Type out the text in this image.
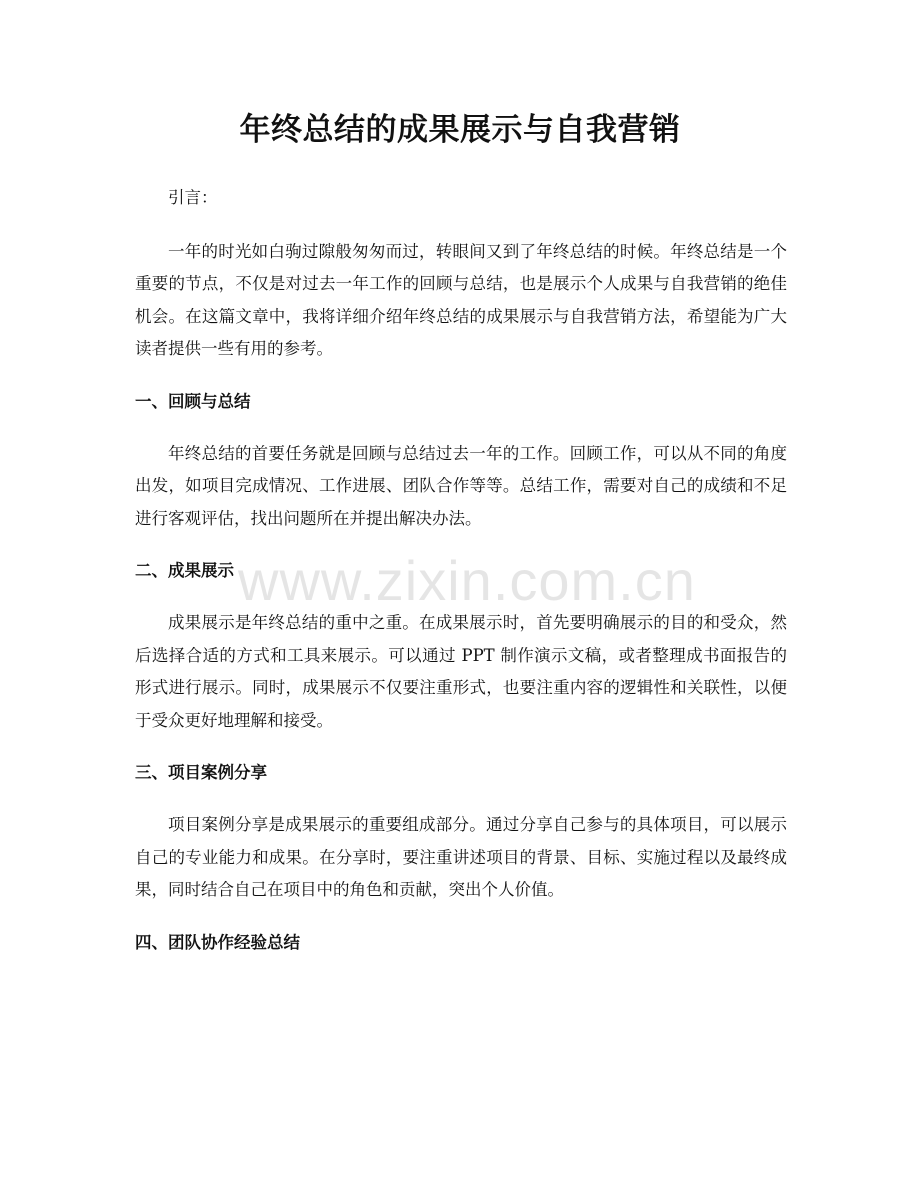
年终总结的成果展示与自我营销

引言：

一年的时光如白驹过隙般匆匆而过，转眼间又到了年终总结的时候。年终总结是一个重要的节点，不仅是对过去一年工作的回顾与总结，也是展示个人成果与自我营销的绝佳机会。在这篇文章中，我将详细介绍年终总结的成果展示与自我营销方法，希望能为广大读者提供一些有用的参考。

一、回顾与总结

年终总结的首要任务就是回顾与总结过去一年的工作。回顾工作，可以从不同的角度出发，如项目完成情况、工作进展、团队合作等等。总结工作，需要对自己的成绩和不足进行客观评估，找出问题所在并提出解决办法。

二、成果展示

成果展示是年终总结的重中之重。在成果展示时，首先要明确展示的目的和受众，然后选择合适的方式和工具来展示。可以通过 PPT 制作演示文稿，或者整理成书面报告的形式进行展示。同时，成果展示不仅要注重形式，也要注重内容的逻辑性和关联性，以便于受众更好地理解和接受。

三、项目案例分享

项目案例分享是成果展示的重要组成部分。通过分享自己参与的具体项目，可以展示自己的专业能力和成果。在分享时，要注重讲述项目的背景、目标、实施过程以及最终成果，同时结合自己在项目中的角色和贡献，突出个人价值。

四、团队协作经验总结
www.zixin.com.cn
